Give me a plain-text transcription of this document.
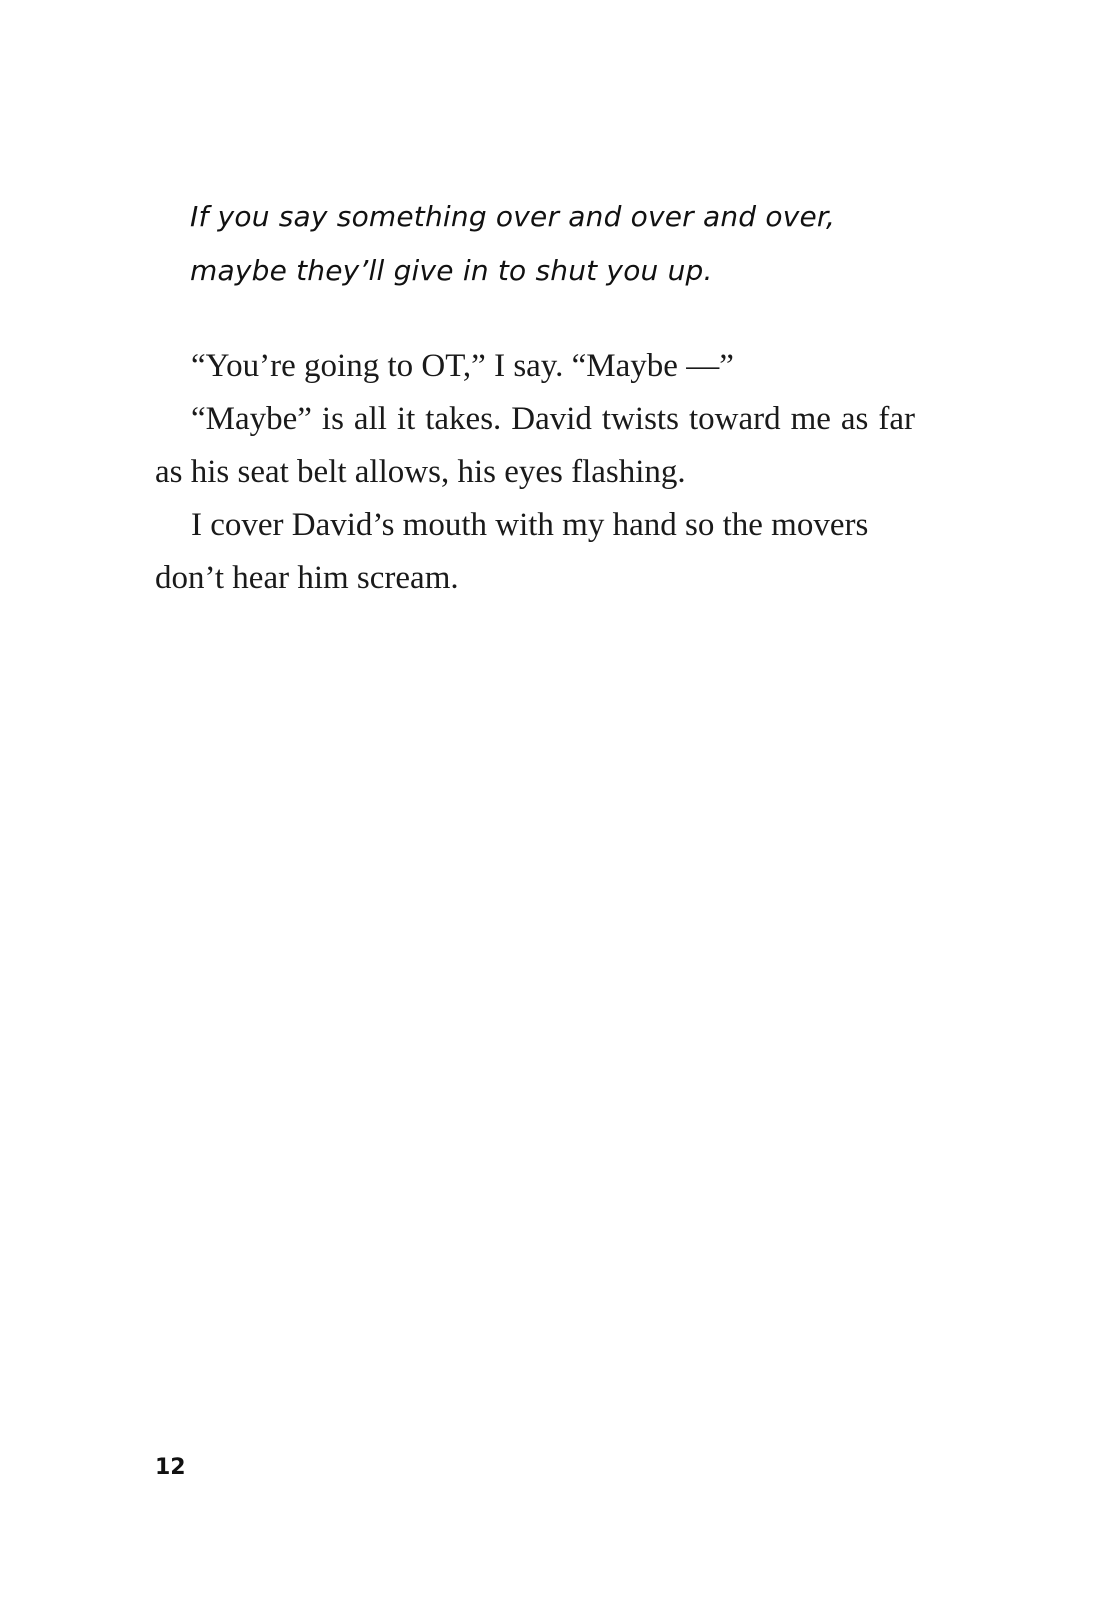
If you say something over and over and over, maybe they’ll give in to shut you up.

“You’re going to OT,” I say. “Maybe —”

“Maybe” is all it takes. David twists toward me as far as his seat belt allows, his eyes flashing.

I cover David’s mouth with my hand so the movers don’t hear him scream.

12
